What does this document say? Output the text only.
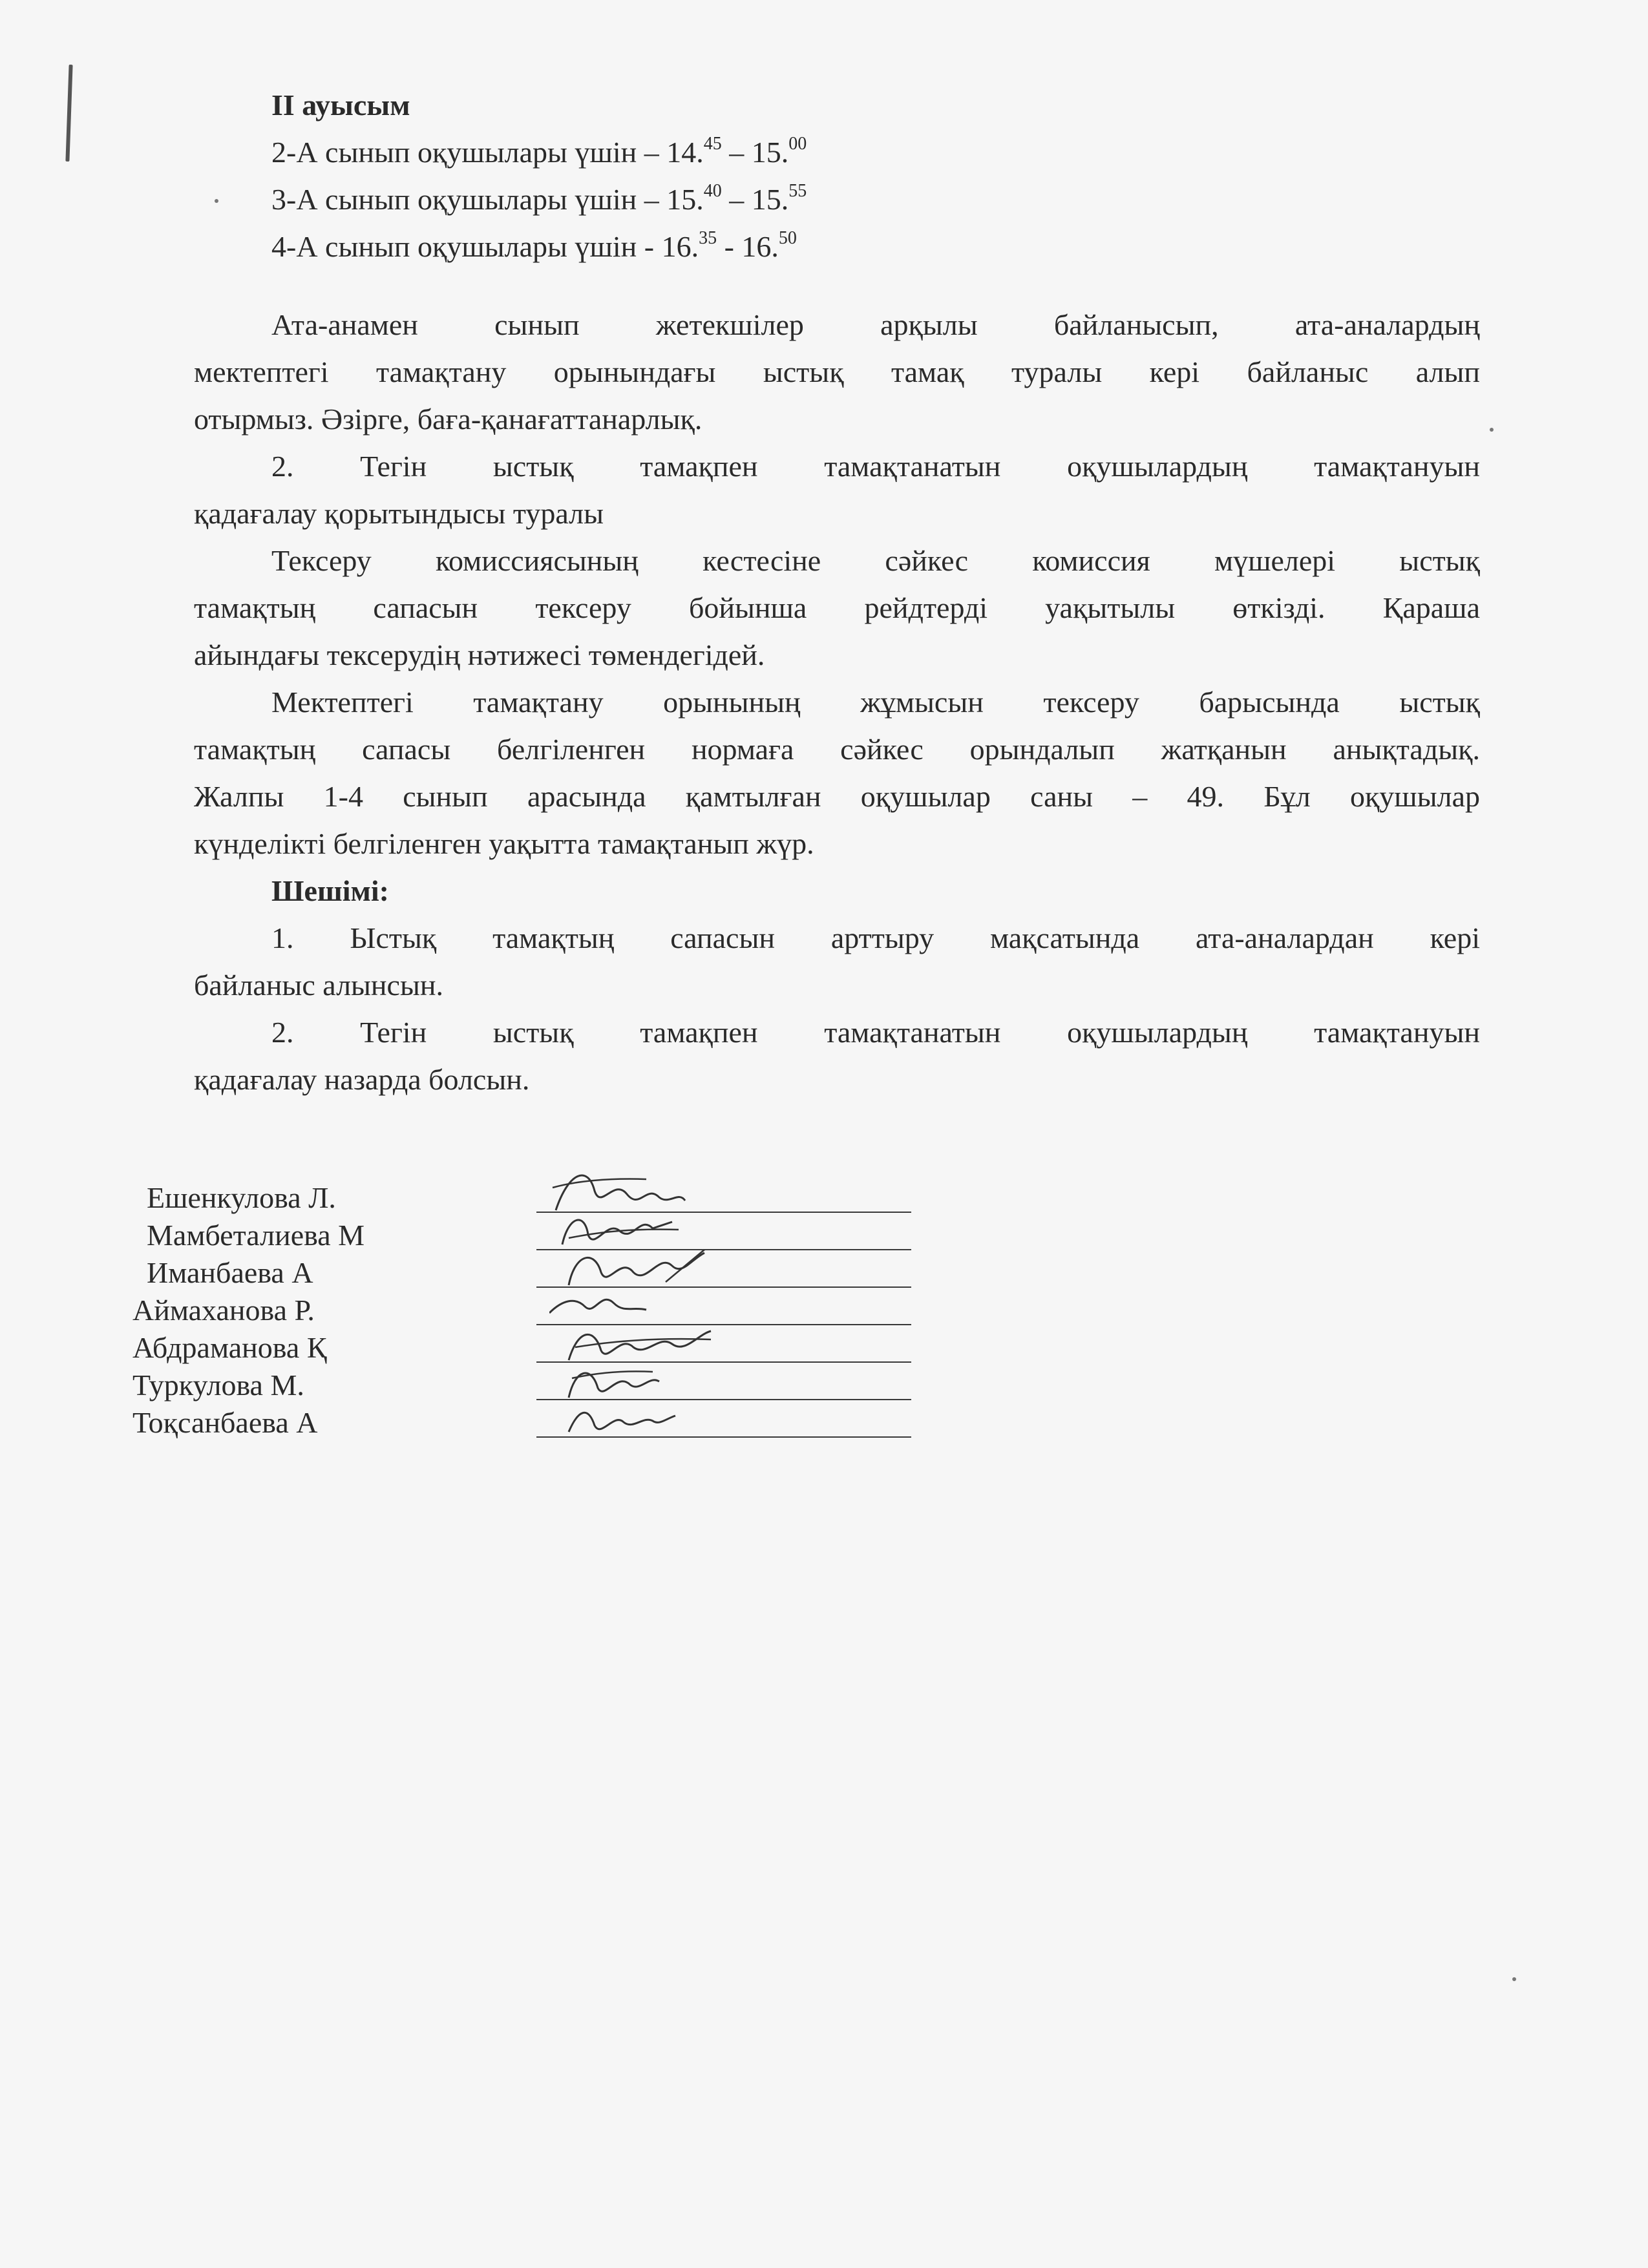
II ауысым
2-А сынып оқушылары үшін – 14.45 – 15.00
3-А сынып оқушылары үшін – 15.40 – 15.55
4-А сынып оқушылары үшін - 16.35 - 16.50
Ата-анамен сынып жетекшілер арқылы байланысып, ата-аналардың
мектептегі тамақтану орынындағы ыстық тамақ туралы кері байланыс алып
отырмыз. Әзірге, баға-қанағаттанарлық.
2. Тегін ыстық тамақпен тамақтанатын оқушылардың тамақтануын
қадағалау қорытындысы туралы
Тексеру комиссиясының кестесіне сәйкес комиссия мүшелері ыстық
тамақтың сапасын тексеру бойынша рейдтерді уақытылы өткізді. Қараша
айындағы тексерудің нәтижесі төмендегідей.
Мектептегі тамақтану орынының жұмысын тексеру барысында ыстық
тамақтың сапасы белгіленген нормаға сәйкес орындалып жатқанын анықтадық.
Жалпы 1-4 сынып арасында қамтылған оқушылар саны – 49. Бұл оқушылар
күнделікті белгіленген уақытта тамақтанып жүр.
Шешімі:
1. Ыстық тамақтың сапасын арттыру мақсатында ата-аналардан кері
байланыс алынсын.
2. Тегін ыстық тамақпен тамақтанатын оқушылардың тамақтануын
қадағалау назарда болсын.
Ешенкулова Л.
Мамбеталиева М
Иманбаева А
Аймаханова Р.
Абдраманова Қ
Туркулова М.
Тоқсанбаева А
